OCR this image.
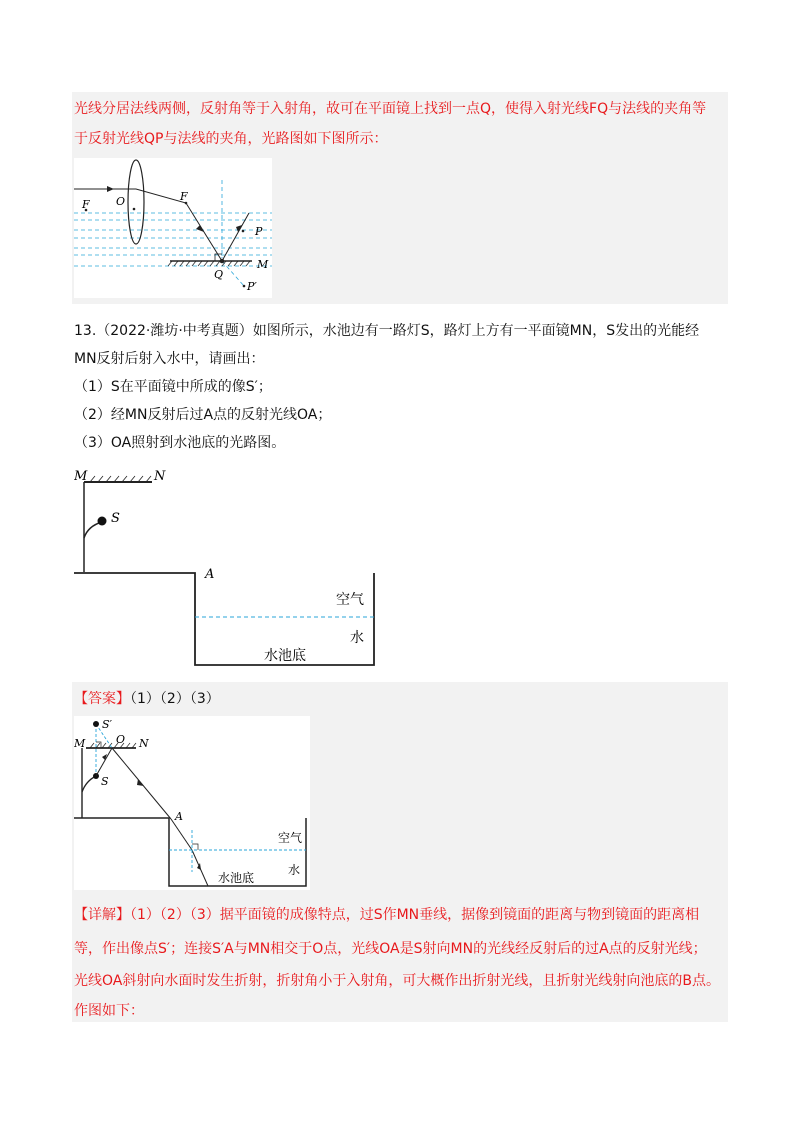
光线分居法线两侧，反射角等于入射角，故可在平面镜上找到一点Q，使得入射光线FQ与法线的夹角等
于反射光线QP与法线的夹角，光路图如下图所示：
F O	F
P
Q
M
P′
13.（2022·潍坊·中考真题）如图所示，水池边有一路灯S，路灯上方有一平面镜MN，S发出的光能经
MN反射后射入水中，请画出：
（1）S在平面镜中所成的像S′；
（2）经MN反射后过A点的反射光线OA；
（3）OA照射到水池底的光路图。
M	N
S
A
空气
水
水池底
【答案】（1）（2）（3）
S′
M	O N
S
A
空气
水
水池底
【详解】（1）（2）（3）据平面镜的成像特点，过S作MN垂线，据像到镜面的距离与物到镜面的距离相
等，作出像点S′；连接S′A与MN相交于O点，光线OA是S射向MN的光线经反射后的过A点的反射光线；
光线OA斜射向水面时发生折射，折射角小于入射角，可大概作出折射光线，且折射光线射向池底的B点。
作图如下：
